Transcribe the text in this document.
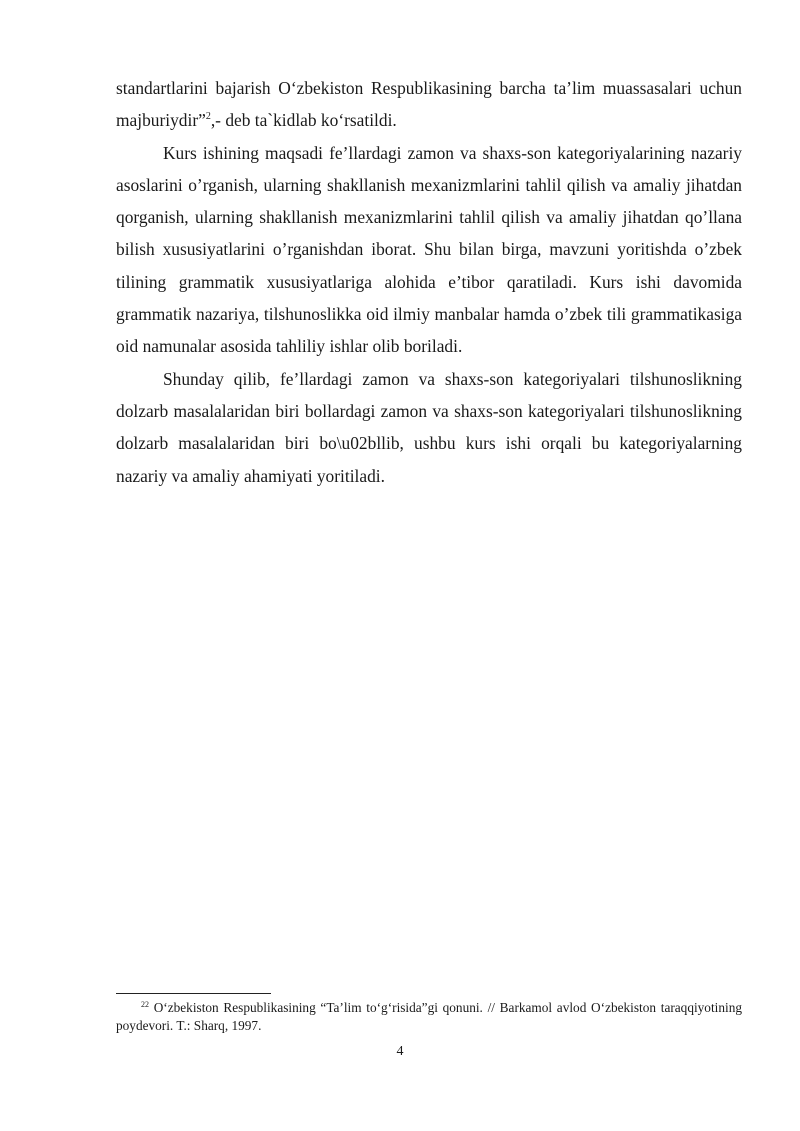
standartlarini bajarish O‘zbekiston Respublikasining barcha ta’lim muassasalari uchun majburiydir”$^2$,- deb ta`kidlab ko‘rsatildi.

Kurs ishining maqsadi fe’llardagi zamon va shaxs-son kategoriyalarining nazariy asoslarini o’rganish, ularning shakllanish mexanizmlarini tahlil qilish va amaliy jihatdan qorganish, ularning shakllanish mexanizmlarini tahlil qilish va amaliy jihatdan qo’llana bilish xususiyatlarini o’rganishdan iborat. Shu bilan birga, mavzuni yoritishda o’zbek tilining grammatik xususiyatlariga alohida e’tibor qaratiladi. Kurs ishi davomida grammatik nazariya, tilshunoslikka oid ilmiy manbalar hamda o’zbek tili grammatikasiga oid namunalar asosida tahliliy ishlar olib boriladi.

Shunday qilib, fe’llardagi zamon va shaxs-son kategoriyalari tilshunoslikning dolzarb masalalaridan biri bollardagi zamon va shaxs-son kategoriyalari tilshunoslikning dolzarb masalalaridan biri bo\u02bllib, ushbu kurs ishi orqali bu kategoriyalarning nazariy va amaliy ahamiyati yoritiladi.

$^{22}$ O‘zbekiston Respublikasining “Ta’lim to‘g‘risida”gi qonuni. // Barkamol avlod O‘zbekiston taraqqiyotining poydevori. T.: Sharq, 1997.

4
